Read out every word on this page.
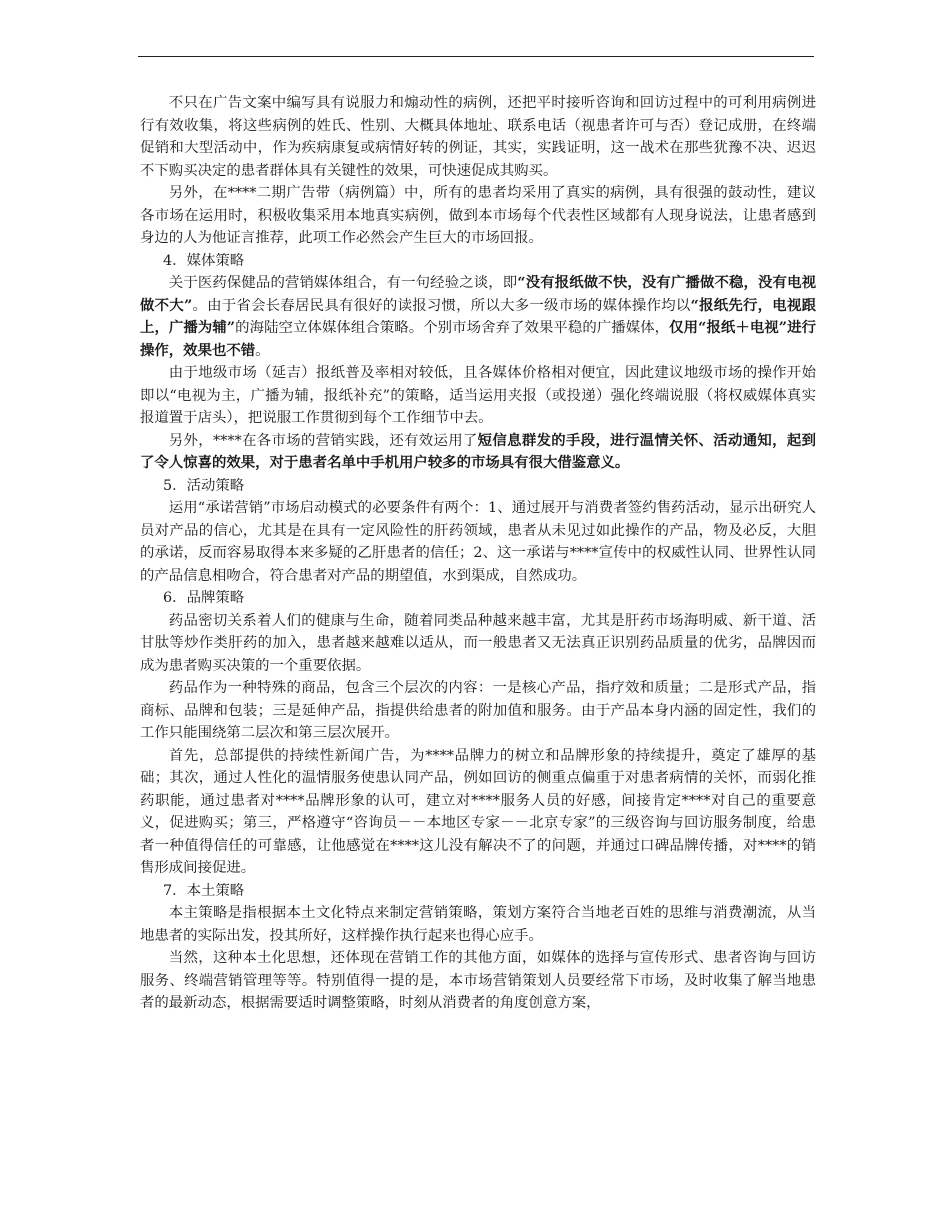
不只在广告文案中编写具有说服力和煽动性的病例，还把平时接听咨询和回访过程中的可利用病例进行有效收集，将这些病例的姓氏、性别、大概具体地址、联系电话（视患者许可与否）登记成册，在终端促销和大型活动中，作为疾病康复或病情好转的例证，其实，实践证明，这一战术在那些犹豫不决、迟迟不下购买决定的患者群体具有关键性的效果，可快速促成其购买。

另外，在****二期广告带（病例篇）中，所有的患者均采用了真实的病例，具有很强的鼓动性，建议各市场在运用时，积极收集采用本地真实病例，做到本市场每个代表性区域都有人现身说法，让患者感到身边的人为他证言推荐，此项工作必然会产生巨大的市场回报。

4．媒体策略

关于医药保健品的营销媒体组合，有一句经验之谈，即“没有报纸做不快，没有广播做不稳，没有电视做不大”。由于省会长春居民具有很好的读报习惯，所以大多一级市场的媒体操作均以“报纸先行，电视跟上，广播为辅”的海陆空立体媒体组合策略。个别市场舍弃了效果平稳的广播媒体，仅用“报纸＋电视”进行操作，效果也不错。

由于地级市场（延吉）报纸普及率相对较低，且各媒体价格相对便宜，因此建议地级市场的操作开始即以“电视为主，广播为辅，报纸补充”的策略，适当运用夹报（或投递）强化终端说服（将权威媒体真实报道置于店头），把说服工作贯彻到每个工作细节中去。

另外，****在各市场的营销实践，还有效运用了短信息群发的手段，进行温情关怀、活动通知，起到了令人惊喜的效果，对于患者名单中手机用户较多的市场具有很大借鉴意义。

5．活动策略

运用“承诺营销”市场启动模式的必要条件有两个：1、通过展开与消费者签约售药活动，显示出研究人员对产品的信心，尤其是在具有一定风险性的肝药领域，患者从未见过如此操作的产品，物及必反，大胆的承诺，反而容易取得本来多疑的乙肝患者的信任；2、这一承诺与****宣传中的权威性认同、世界性认同的产品信息相吻合，符合患者对产品的期望值，水到渠成，自然成功。

6．品牌策略

药品密切关系着人们的健康与生命，随着同类品种越来越丰富，尤其是肝药市场海明威、新干道、活甘肽等炒作类肝药的加入，患者越来越难以适从，而一般患者又无法真正识别药品质量的优劣，品牌因而成为患者购买决策的一个重要依据。

药品作为一种特殊的商品，包含三个层次的内容：一是核心产品，指疗效和质量；二是形式产品，指商标、品牌和包装；三是延伸产品，指提供给患者的附加值和服务。由于产品本身内涵的固定性，我们的工作只能围绕第二层次和第三层次展开。

首先，总部提供的持续性新闻广告，为****品牌力的树立和品牌形象的持续提升，奠定了雄厚的基础；其次，通过人性化的温情服务使患认同产品，例如回访的侧重点偏重于对患者病情的关怀，而弱化推药职能，通过患者对****品牌形象的认可，建立对****服务人员的好感，间接肯定****对自己的重要意义，促进购买；第三，严格遵守“咨询员－－本地区专家－－北京专家”的三级咨询与回访服务制度，给患者一种值得信任的可靠感，让他感觉在****这儿没有解决不了的问题，并通过口碑品牌传播，对****的销售形成间接促进。

7．本土策略

本主策略是指根据本土文化特点来制定营销策略，策划方案符合当地老百姓的思维与消费潮流，从当地患者的实际出发，投其所好，这样操作执行起来也得心应手。

当然，这种本土化思想，还体现在营销工作的其他方面，如媒体的选择与宣传形式、患者咨询与回访服务、终端营销管理等等。特别值得一提的是，本市场营销策划人员要经常下市场，及时收集了解当地患者的最新动态，根据需要适时调整策略，时刻从消费者的角度创意方案，
